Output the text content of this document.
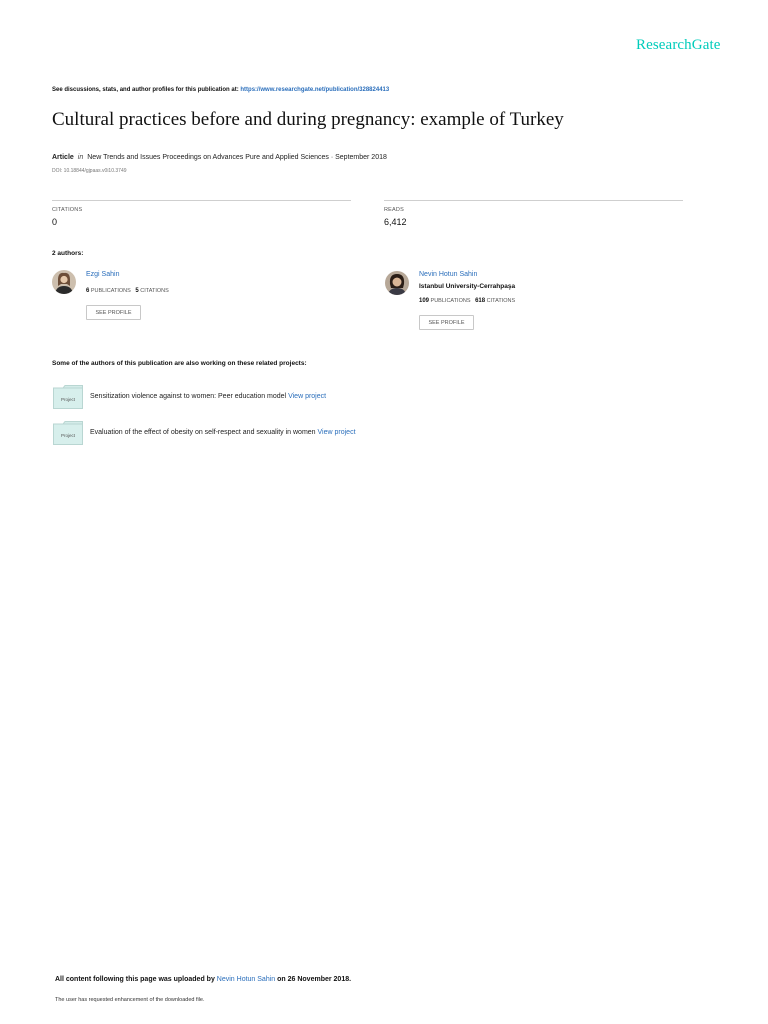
ResearchGate
See discussions, stats, and author profiles for this publication at: https://www.researchgate.net/publication/328824413
Cultural practices before and during pregnancy: example of Turkey
Article in New Trends and Issues Proceedings on Advances Pure and Applied Sciences · September 2018
DOI: 10.18844/gjpaas.v0i10.3749
CITATIONS
0
READS
6,412
2 authors:
Ezgi Sahin
6 PUBLICATIONS 5 CITATIONS
SEE PROFILE
Nevin Hotun Sahin
Istanbul University-Cerrahpaşa
109 PUBLICATIONS 618 CITATIONS
SEE PROFILE
Some of the authors of this publication are also working on these related projects:
Project Sensitization violence against to women: Peer education model View project
Project Evaluation of the effect of obesity on self-respect and sexuality in women View project
All content following this page was uploaded by Nevin Hotun Sahin on 26 November 2018.
The user has requested enhancement of the downloaded file.
